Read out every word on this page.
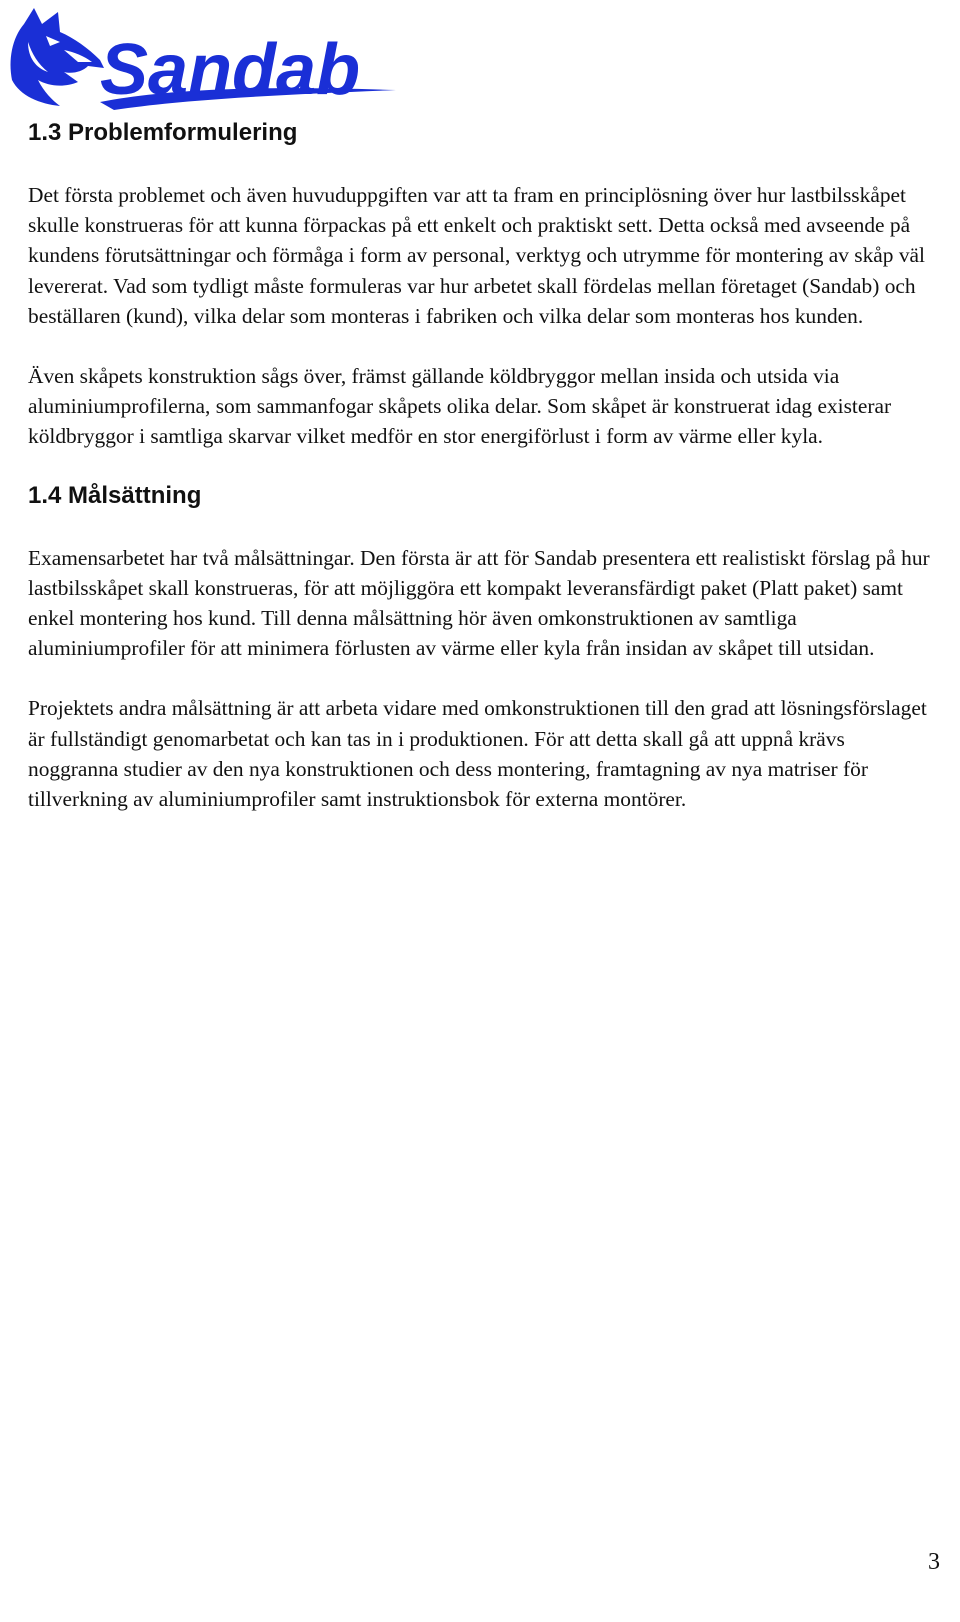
Sandab
1.3 Problemformulering

Det första problemet och även huvuduppgiften var att ta fram en principlösning över hur lastbilsskåpet skulle konstrueras för att kunna förpackas på ett enkelt och praktiskt sett. Detta också med avseende på kundens förutsättningar och förmåga i form av personal, verktyg och utrymme för montering av skåp väl levererat. Vad som tydligt måste formuleras var hur arbetet skall fördelas mellan företaget (Sandab) och beställaren (kund), vilka delar som monteras i fabriken och vilka delar som monteras hos kunden.

Även skåpets konstruktion sågs över, främst gällande köldbryggor mellan insida och utsida via aluminiumprofilerna, som sammanfogar skåpets olika delar. Som skåpet är konstruerat idag existerar köldbryggor i samtliga skarvar vilket medför en stor energiförlust i form av värme eller kyla.

1.4 Målsättning

Examensarbetet har två målsättningar. Den första är att för Sandab presentera ett realistiskt förslag på hur lastbilsskåpet skall konstrueras, för att möjliggöra ett kompakt leveransfärdigt paket (Platt paket) samt enkel montering hos kund. Till denna målsättning hör även omkonstruktionen av samtliga aluminiumprofiler för att minimera förlusten av värme eller kyla från insidan av skåpet till utsidan.

Projektets andra målsättning är att arbeta vidare med omkonstruktionen till den grad att lösningsförslaget är fullständigt genomarbetat och kan tas in i produktionen. För att detta skall gå att uppnå krävs noggranna studier av den nya konstruktionen och dess montering, framtagning av nya matriser för tillverkning av aluminiumprofiler samt instruktionsbok för externa montörer.

3
